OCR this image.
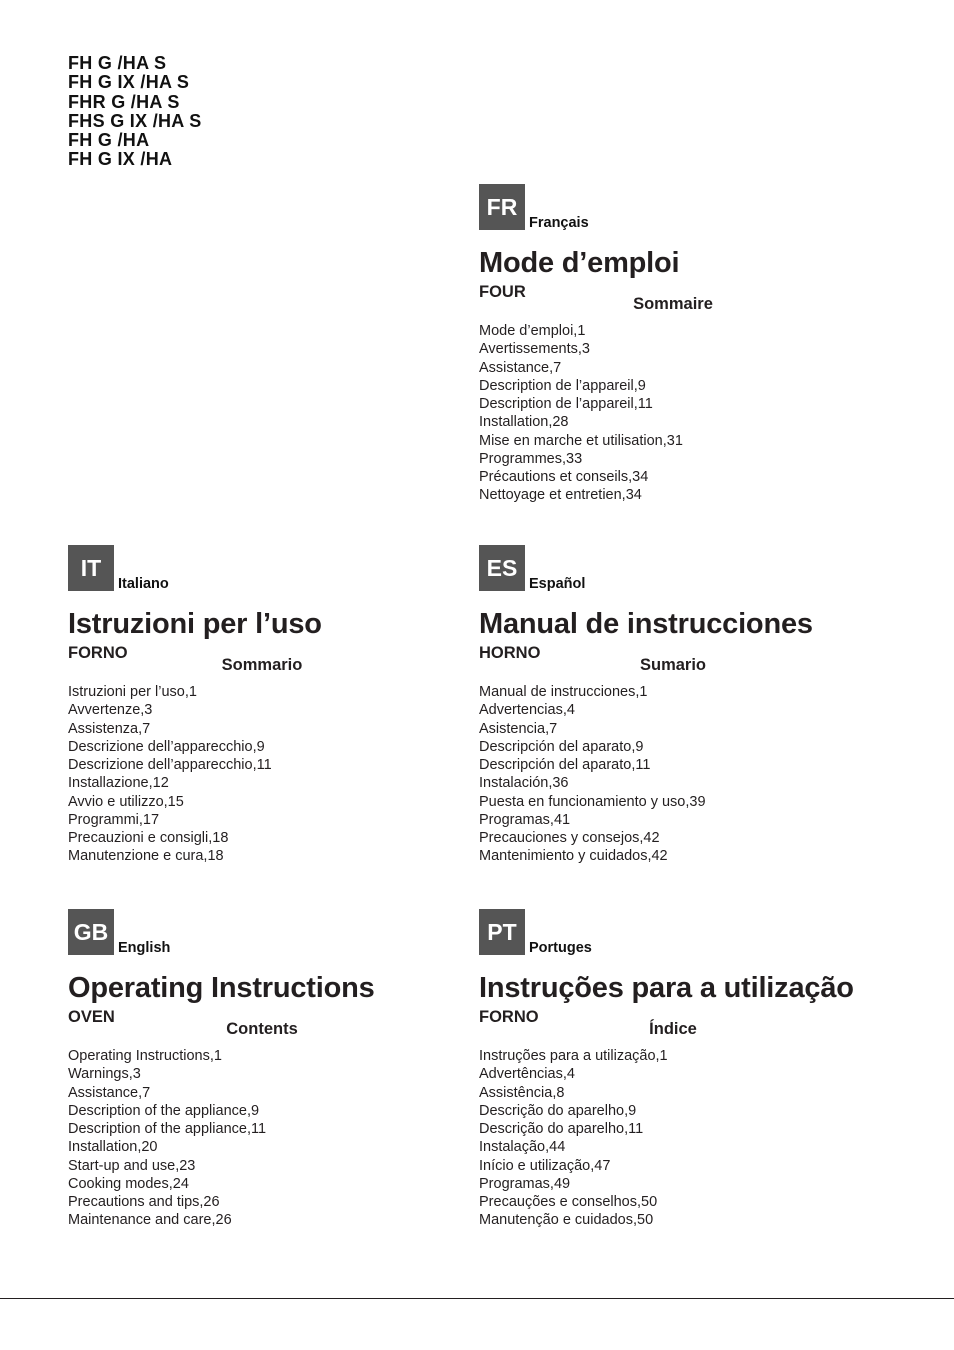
FH G /HA S
FH G IX /HA S
FHR G /HA S
FHS G IX /HA S
FH G /HA
FH G IX /HA
FR
Français
Mode d’emploi
FOUR
Sommaire
Mode d’emploi,1
Avertissements,3
Assistance,7
Description de l’appareil,9
Description de l’appareil,11
Installation,28
Mise en marche et utilisation,31
Programmes,33
Précautions et conseils,34
Nettoyage et entretien,34
IT
Italiano
Istruzioni per l’uso
FORNO
Sommario
Istruzioni per l’uso,1
Avvertenze,3
Assistenza,7
Descrizione dell’apparecchio,9
Descrizione dell’apparecchio,11
Installazione,12
Avvio e utilizzo,15
Programmi,17
Precauzioni e consigli,18
Manutenzione e cura,18
ES
Español
Manual de instrucciones
HORNO
Sumario
Manual de instrucciones,1
Advertencias,4
Asistencia,7
Descripción del aparato,9
Descripción del aparato,11
Instalación,36
Puesta en funcionamiento y uso,39
Programas,41
Precauciones y consejos,42
Mantenimiento y cuidados,42
GB
English
Operating Instructions
OVEN
Contents
Operating Instructions,1
Warnings,3
Assistance,7
Description of the appliance,9
Description of the appliance,11
Installation,20
Start-up and use,23
Cooking modes,24
Precautions and tips,26
Maintenance and care,26
PT
Portuges
Instruções para a utilização
FORNO
Índice
Instruções para a utilização,1
Advertências,4
Assistência,8
Descrição do aparelho,9
Descrição do aparelho,11
Instalação,44
Início e utilização,47
Programas,49
Precauções e conselhos,50
Manutenção e cuidados,50
